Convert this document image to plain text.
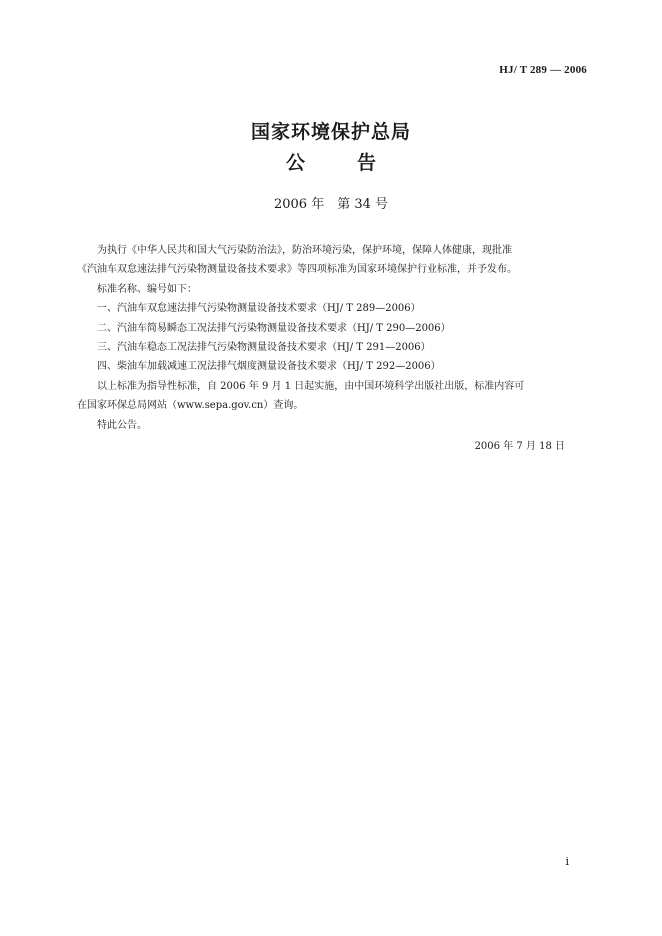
HJ/ T 289 — 2006
国家环境保护总局
公	告
2006 年　第 34 号

为执行《中华人民共和国大气污染防治法》，防治环境污染，保护环境，保障人体健康，现批准

《汽油车双怠速法排气污染物测量设备技术要求》等四项标准为国家环境保护行业标准，并予发布。

标准名称、编号如下：

一、汽油车双怠速法排气污染物测量设备技术要求（HJ/ T 289—2006）

二、汽油车简易瞬态工况法排气污染物测量设备技术要求（HJ/ T 290—2006）

三、汽油车稳态工况法排气污染物测量设备技术要求（HJ/ T 291—2006）

四、柴油车加载减速工况法排气烟度测量设备技术要求（HJ/ T 292—2006）

以上标准为指导性标准，自 2006 年 9 月 1 日起实施，由中国环境科学出版社出版，标准内容可

在国家环保总局网站（www.sepa.gov.cn）查询。

特此公告。

2006 年 7 月 18 日
i
